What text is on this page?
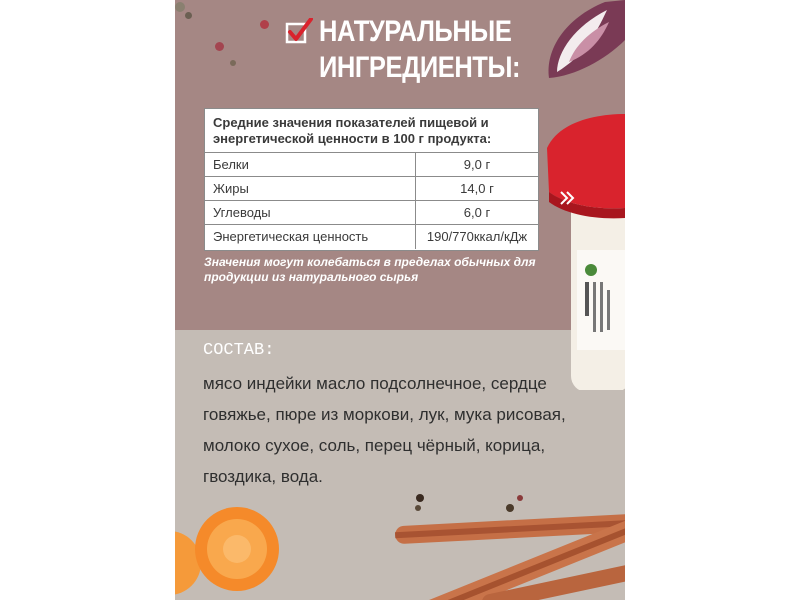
НАТУРАЛЬНЫЕ
ИНГРЕДИЕНТЫ:
Средние значения показателей пищевой и энергетической ценности в 100 г продукта:
Белки	9,0 г
Жиры	14,0 г
Углеводы	6,0 г
Энергетическая ценность	190/770ккал/кДж
Значения могут колебаться в пределах обычных для продукции из натурального сырья
СОСТАВ:
мясо индейки масло подсолнечное, сердце говяжье, пюре из моркови, лук, мука рисовая, молоко сухое, соль, перец чёрный, корица, гвоздика, вода.
